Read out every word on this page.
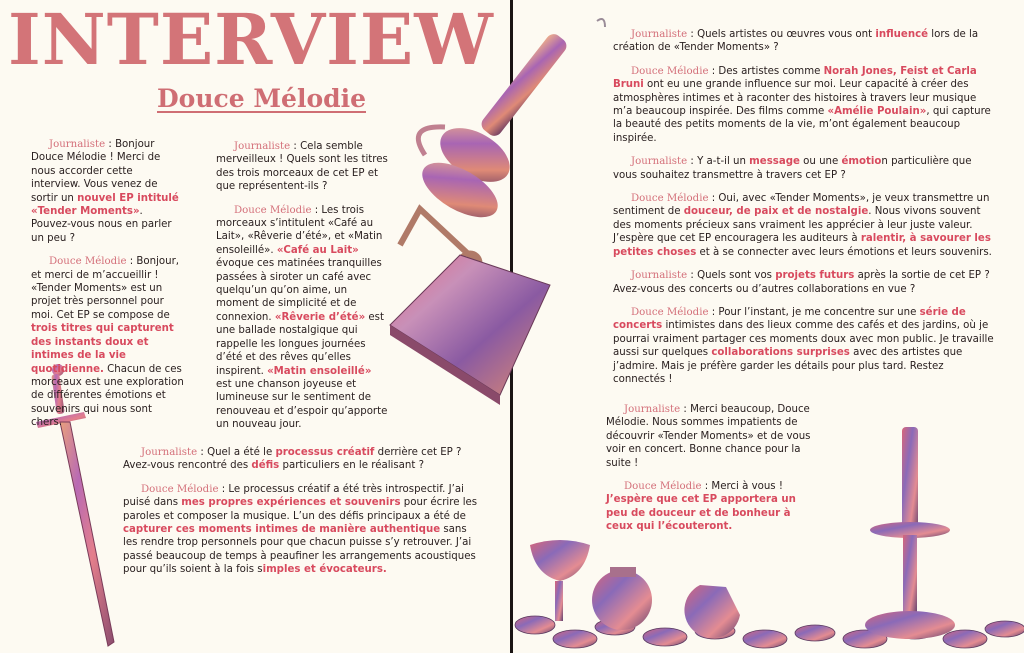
INTERVIEW
Douce Mélodie

Journaliste : Bonjour Douce Mélodie ! Merci de nous accorder cette interview. Vous venez de sortir un nouvel EP intitulé «Tender Moments». Pouvez-vous nous en parler un peu ?

Douce Mélodie : Bonjour, et merci de m’accueillir ! «Tender Moments» est un projet très personnel pour moi. Cet EP se compose de trois titres qui capturent des instants doux et intimes de la vie quotidienne. Chacun de ces morceaux est une exploration de différentes émotions et souvenirs qui nous sont chers.

Journaliste : Cela semble merveilleux ! Quels sont les titres des trois morceaux de cet EP et que représentent-ils ?

Douce Mélodie : Les trois morceaux s’intitulent «Café au Lait», «Rêverie d’été», et «Matin ensoleillé». «Café au Lait» évoque ces matinées tranquilles passées à siroter un café avec quelqu’un qu’on aime, un moment de simplicité et de connexion. «Rêverie d’été» est une ballade nostalgique qui rappelle les longues journées d’été et des rêves qu’elles inspirent. «Matin ensoleillé» est une chanson joyeuse et lumineuse sur le sentiment de renouveau et d’espoir qu’apporte un nouveau jour.

Journaliste : Quel a été le processus créatif derrière cet EP ? Avez-vous rencontré des défis particuliers en le réalisant ?

Douce Mélodie : Le processus créatif a été très introspectif. J’ai puisé dans mes propres expériences et souvenirs pour écrire les paroles et composer la musique. L’un des défis principaux a été de capturer ces moments intimes de manière authentique sans les rendre trop personnels pour que chacun puisse s’y retrouver. J’ai passé beaucoup de temps à peaufiner les arrangements acoustiques pour qu’ils soient à la fois simples et évocateurs.

Journaliste : Quels artistes ou œuvres vous ont influencé lors de la création de «Tender Moments» ?

Douce Mélodie : Des artistes comme Norah Jones, Feist et Carla Bruni ont eu une grande influence sur moi. Leur capacité à créer des atmosphères intimes et à raconter des histoires à travers leur musique m’a beaucoup inspirée. Des films comme «Amélie Poulain», qui capture la beauté des petits moments de la vie, m’ont également beaucoup inspirée.

Journaliste : Y a-t-il un message ou une émotion particulière que vous souhaitez transmettre à travers cet EP ?

Douce Mélodie : Oui, avec «Tender Moments», je veux transmettre un sentiment de douceur, de paix et de nostalgie. Nous vivons souvent des moments précieux sans vraiment les apprécier à leur juste valeur. J’espère que cet EP encouragera les auditeurs à ralentir, à savourer les petites choses et à se connecter avec leurs émotions et leurs souvenirs.

Journaliste : Quels sont vos projets futurs après la sortie de cet EP ? Avez-vous des concerts ou d’autres collaborations en vue ?

Douce Mélodie : Pour l’instant, je me concentre sur une série de concerts intimistes dans des lieux comme des cafés et des jardins, où je pourrai vraiment partager ces moments doux avec mon public. Je travaille aussi sur quelques collaborations surprises avec des artistes que j’admire. Mais je préfère garder les détails pour plus tard. Restez connectés !

Journaliste : Merci beaucoup, Douce Mélodie. Nous sommes impatients de découvrir «Tender Moments» et de vous voir en concert. Bonne chance pour la suite !

Douce Mélodie : Merci à vous ! J’espère que cet EP apportera un peu de douceur et de bonheur à ceux qui l’écouteront.
